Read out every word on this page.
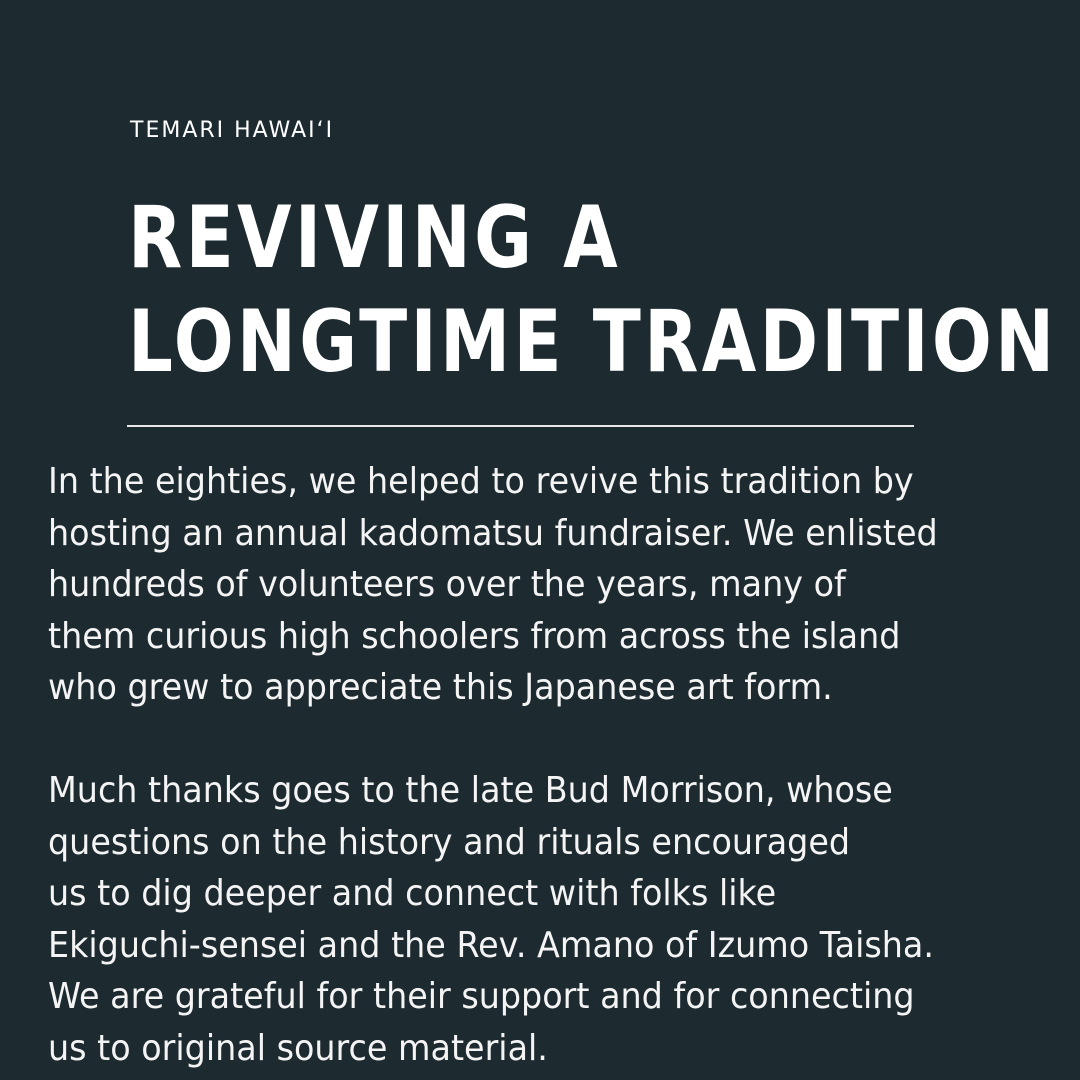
TEMARI HAWAI‘I
REVIVING A
LONGTIME TRADITION

In the eighties, we helped to revive this tradition by
hosting an annual kadomatsu fundraiser. We enlisted
hundreds of volunteers over the years, many of
them curious high schoolers from across the island
who grew to appreciate this Japanese art form.

Much thanks goes to the late Bud Morrison, whose
questions on the history and rituals encouraged
us to dig deeper and connect with folks like
Ekiguchi-sensei and the Rev. Amano of Izumo Taisha.
We are grateful for their support and for connecting
us to original source material.
